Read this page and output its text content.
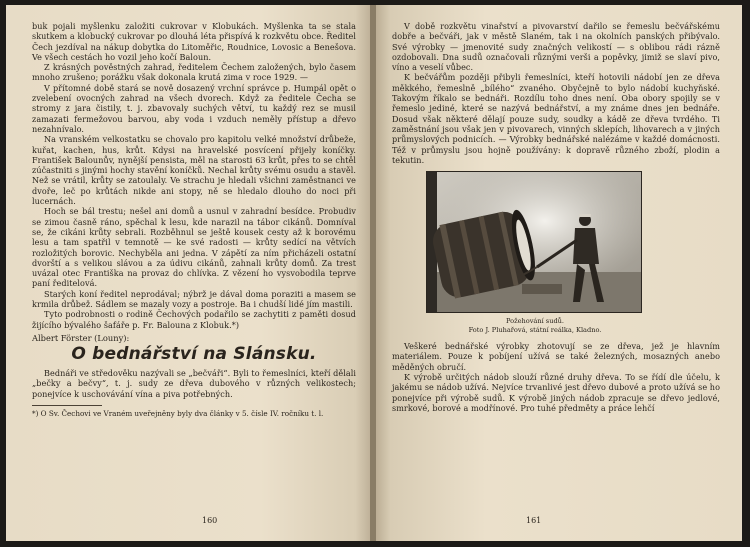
buk pojali myšlenku založiti cukrovar v Klobukách. Myšlenka ta se stala skutkem a klobucký cukrovar po dlouhá léta přispívá k rozkvětu obce. Ředitel Čech jezdíval na nákup dobytka do Litoměřic, Roudnice, Lovosic a Benešova. Ve všech cestách ho vozil jeho kočí Baloun.

Z krásných pověstných zahrad, ředitelem Čechem založených, bylo časem mnoho zrušeno; porážku však dokonala krutá zima v roce 1929. —

V přítomné době stará se nově dosazený vrchní správce p. Humpál opět o zvelebení ovocných zahrad na všech dvorech. Když za ředitele Čecha se stromy z jara čistily, t. j. zbavovaly suchých větví, tu každý rez se musil zamazati fermežovou barvou, aby voda i vzduch neměly přístup a dřevo nezahnívalo.

Na vranském velkostatku se chovalo pro kapitolu velké množství drůbeže, kuřat, kachen, hus, krůt. Kdysi na hravelské posvícení přijely koníčky. František Balounův, nynější pensista, měl na starosti 63 krůt, přes to se chtěl zúčastniti s jinými hochy stavění koníčků. Nechal krůty svému osudu a stavěl. Než se vrátil, krůty se zatoulaly. Ve strachu je hledali všichni zaměstnanci ve dvoře, leč po krůtách nikde ani stopy, ně se hledalo dlouho do noci při lucernách.

Hoch se bál trestu; nešel ani domů a usnul v zahradní besídce. Probudiv se zimou časně ráno, spěchal k lesu, kde narazil na tábor cikánů. Domníval se, že cikáni krůty sebrali. Rozběhnul se ještě kousek cesty až k borovému lesu a tam spatřil v temnotě — ke své radosti — krůty sedící na větvích rozložitých borovic. Nechyběla ani jedna. V zápětí za ním přicházeli ostatní dvorští a s velikou slávou a za údivu cikánů, zahnali krůty domů. Za trest uvázal otec Františka na provaz do chlívka. Z vězení ho vysvobodila teprve paní ředitelová.

Starých koní ředitel neprodával; nýbrž je dával doma poraziti a masem se krmila drůbež. Sádlem se mazaly vozy a postroje. Ba i chudší lidé jím mastili.

Tyto podrobnosti o rodině Čechových podařilo se zachytiti z paměti dosud žijícího bývalého šafáře p. Fr. Balouna z Klobuk.*)

Albert Förster (Louny):
O bednářství na Slánsku.

Bednáři ve středověku nazývali se „bečváři“. Byli to řemeslníci, kteří dělali „bečky a bečvy“, t. j. sudy ze dřeva dubového v různých velikostech; ponejvíce k uschovávání vína a piva potřebných.

*) O Sv. Čechovi ve Vraném uveřejněny byly dva články v 5. čísle IV. ročníku t. l.

160

V době rozkvětu vinařství a pivovarství dařilo se řemeslu bečvářskému dobře a bečváři, jak v městě Slaném, tak i na okolních panských přibývalo. Své výrobky — jmenovité sudy značných velikostí — s oblibou rádi rázně ozdobovali. Dna sudů označovali různými verši a popěvky, jimiž se slaví pivo, víno a veselí vůbec.

K bečvářům později přibyli řemeslníci, kteří hotovili nádobí jen ze dřeva měkkého, řemeslně „bílého“ zvaného. Obyčejně to bylo nádobí kuchyňské. Takovým říkalo se bednáři. Rozdílu toho dnes není. Oba obory spojily se v řemeslo jediné, které se nazývá bednářství, a my známe dnes jen bednáře. Dosud však některé dělají pouze sudy, soudky a kádě ze dřeva tvrdého. Ti zaměstnání jsou však jen v pivovarech, vinných sklepích, lihovarech a v jiných průmyslových podnicích. — Výrobky bednářské nalézáme v každé domácnosti. Též v průmyslu jsou hojně používány: k dopravě různého zboží, plodin a tekutin.

Požehování sudů.
Foto J. Pluhařová, státní reálka, Kladno.

Veškeré bednářské výrobky zhotovují se ze dřeva, jež je hlavním materiálem. Pouze k pobíjení užívá se také železných, mosazných anebo měděných obručí.

K výrobě určitých nádob slouží různé druhy dřeva. To se řídí dle účelu, k jakému se nádob užívá. Nejvíce trvanlivé jest dřevo dubové a proto užívá se ho ponejvíce při výrobě sudů. K výrobě jiných nádob zpracuje se dřevo jedlové, smrkové, borové a modřínové. Pro tuhé předměty a práce lehčí

161
